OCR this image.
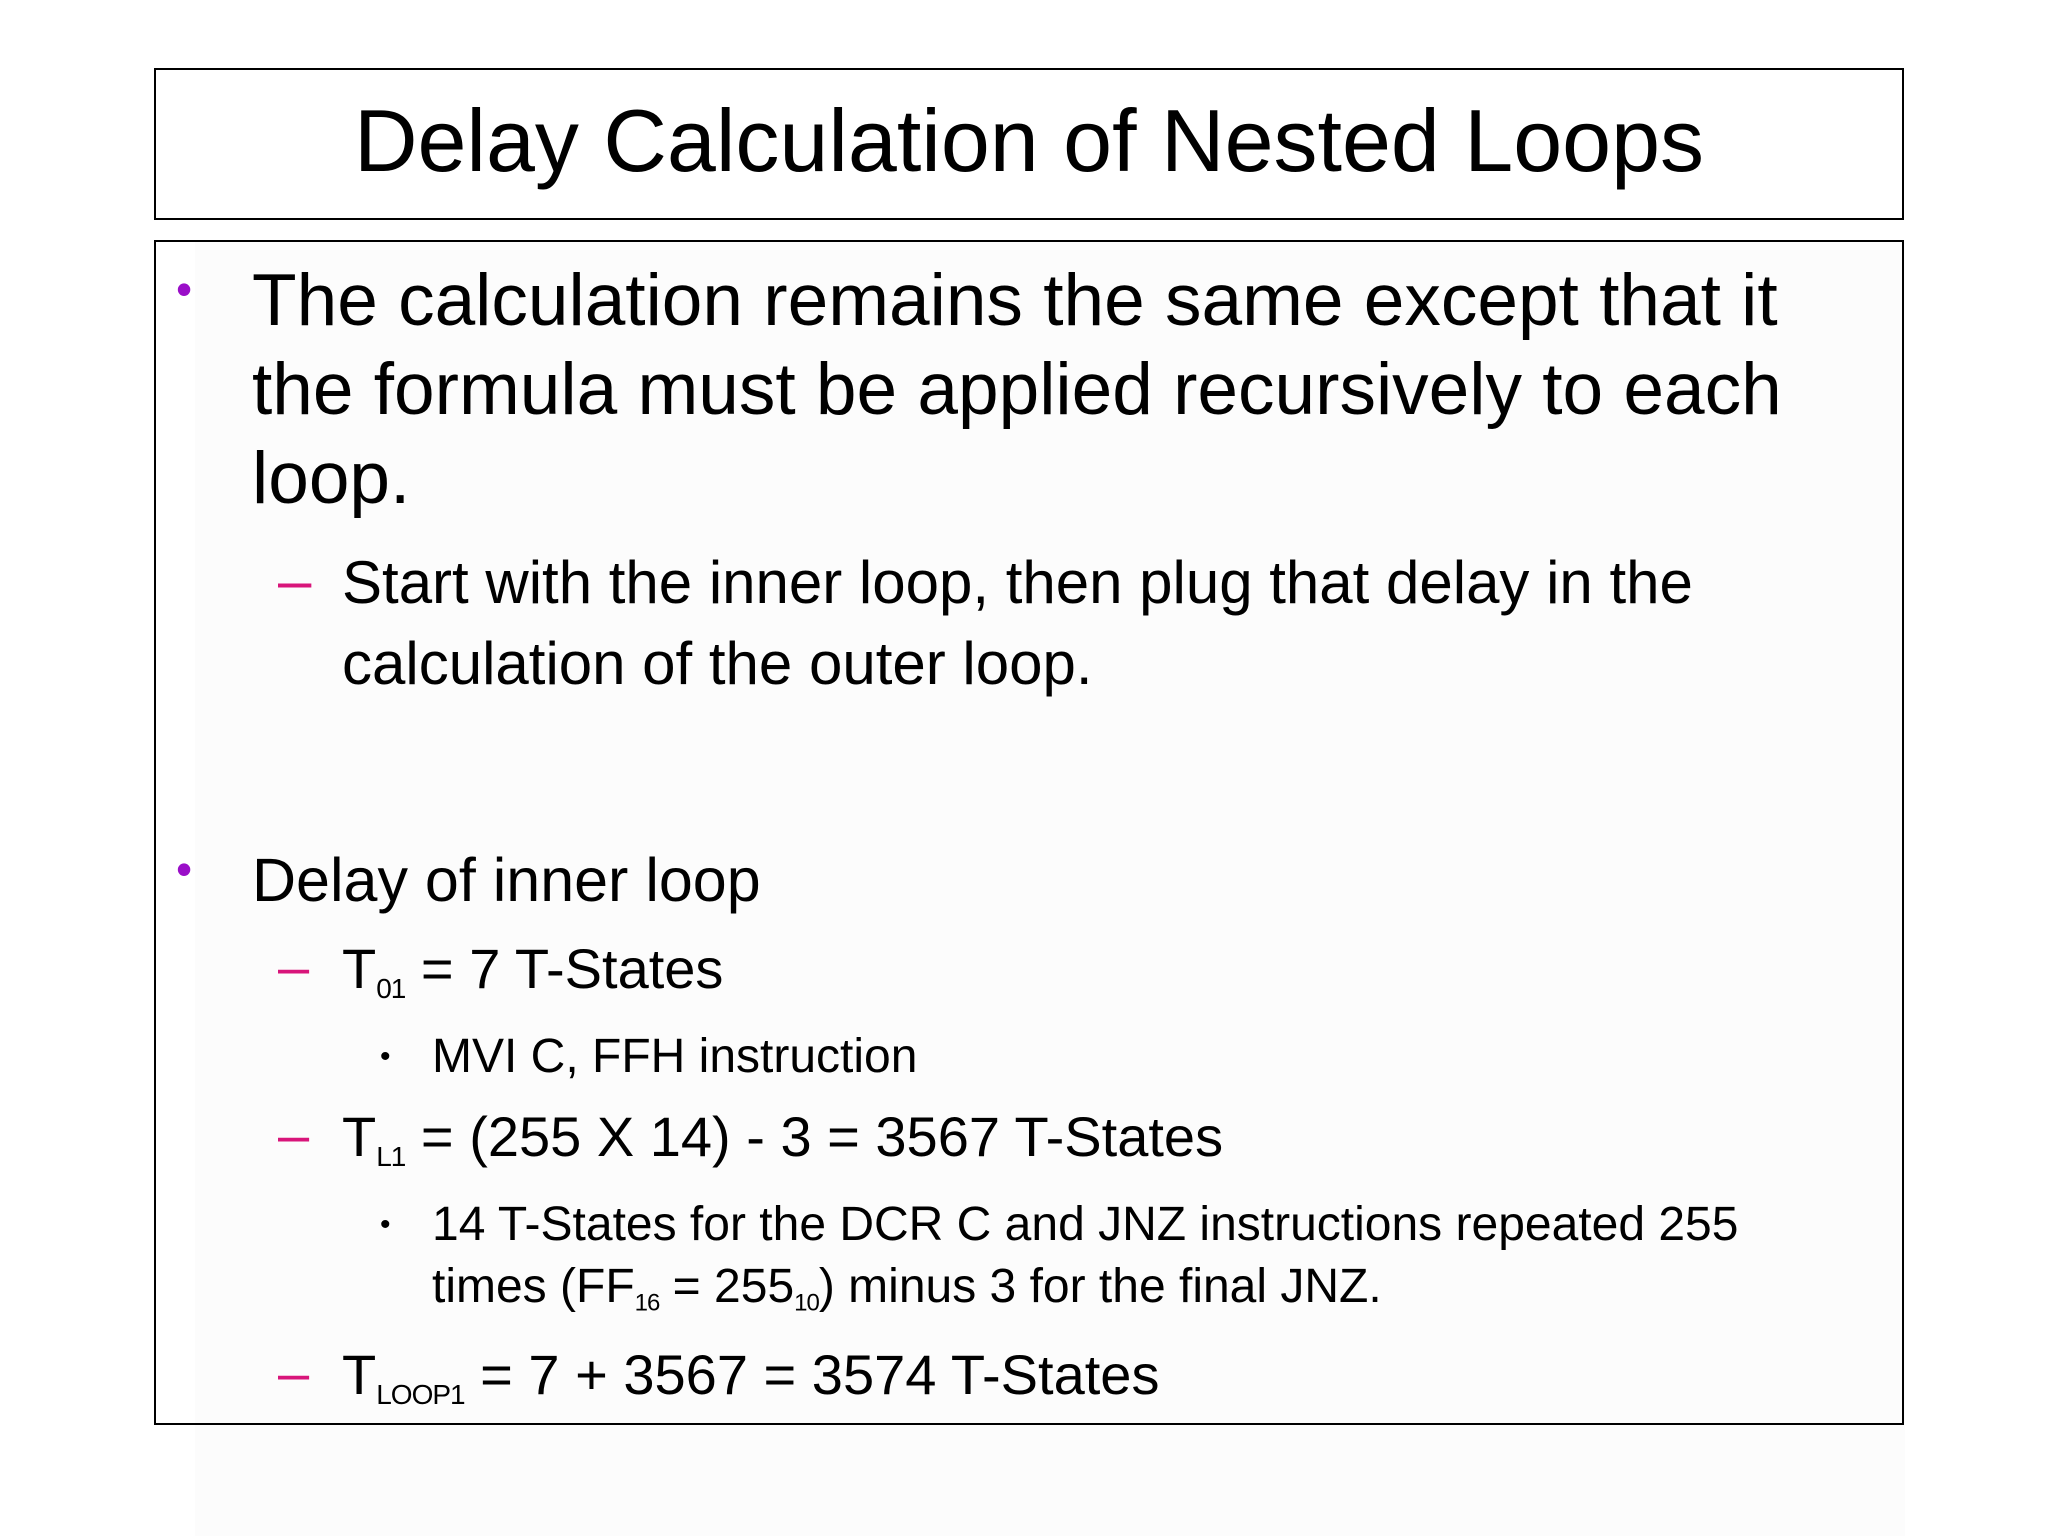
Delay Calculation of Nested Loops
• The calculation remains the same except that it the formula must be applied recursively to each loop.
– Start with the inner loop, then plug that delay in the calculation of the outer loop.
• Delay of inner loop
– $T_{01} = 7$ T-States
• MVI C, FFH instruction
– $T_{L1} = (255$ X 14) - 3 = 3567 T-States
• 14 T-States for the DCR C and JNZ instructions repeated 255 times $(FF_{16} = 255_{10})$ minus 3 for the final JNZ.
– $T_{LOOP1} = 7 + 3567 = 3574$ T-States
